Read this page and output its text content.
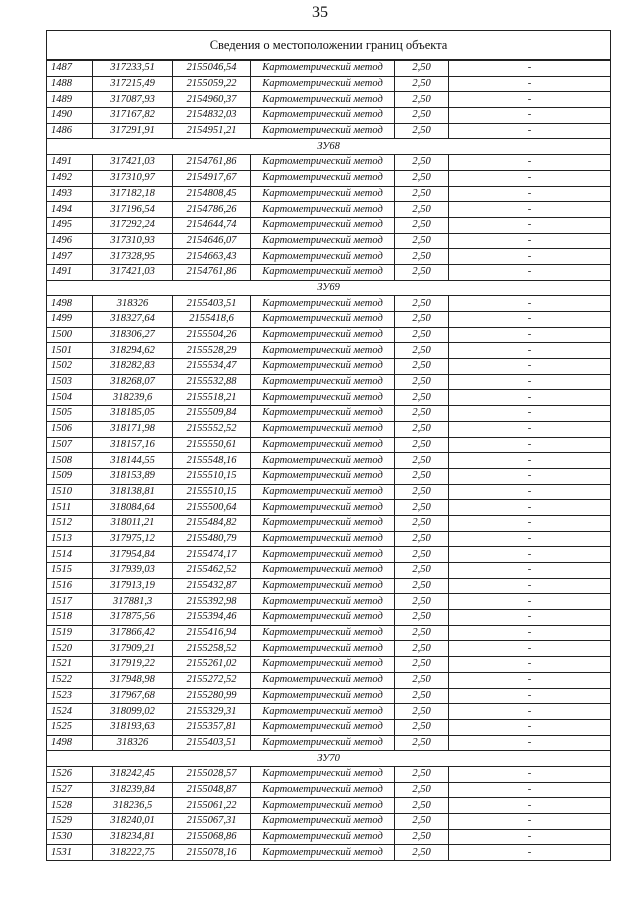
35
Сведения о местоположении границ объекта					
1487	317233,51	2155046,54	Картометрический метод	2,50	-
1488	317215,49	2155059,22	Картометрический метод	2,50	-
1489	317087,93	2154960,37	Картометрический метод	2,50	-
1490	317167,82	2154832,03	Картометрический метод	2,50	-
1486	317291,91	2154951,21	Картометрический метод	2,50	-
ЗУ68					
1491	317421,03	2154761,86	Картометрический метод	2,50	-
1492	317310,97	2154917,67	Картометрический метод	2,50	-
1493	317182,18	2154808,45	Картометрический метод	2,50	-
1494	317196,54	2154786,26	Картометрический метод	2,50	-
1495	317292,24	2154644,74	Картометрический метод	2,50	-
1496	317310,93	2154646,07	Картометрический метод	2,50	-
1497	317328,95	2154663,43	Картометрический метод	2,50	-
1491	317421,03	2154761,86	Картометрический метод	2,50	-
ЗУ69					
1498	318326	2155403,51	Картометрический метод	2,50	-
1499	318327,64	2155418,6	Картометрический метод	2,50	-
1500	318306,27	2155504,26	Картометрический метод	2,50	-
1501	318294,62	2155528,29	Картометрический метод	2,50	-
1502	318282,83	2155534,47	Картометрический метод	2,50	-
1503	318268,07	2155532,88	Картометрический метод	2,50	-
1504	318239,6	2155518,21	Картометрический метод	2,50	-
1505	318185,05	2155509,84	Картометрический метод	2,50	-
1506	318171,98	2155552,52	Картометрический метод	2,50	-
1507	318157,16	2155550,61	Картометрический метод	2,50	-
1508	318144,55	2155548,16	Картометрический метод	2,50	-
1509	318153,89	2155510,15	Картометрический метод	2,50	-
1510	318138,81	2155510,15	Картометрический метод	2,50	-
1511	318084,64	2155500,64	Картометрический метод	2,50	-
1512	318011,21	2155484,82	Картометрический метод	2,50	-
1513	317975,12	2155480,79	Картометрический метод	2,50	-
1514	317954,84	2155474,17	Картометрический метод	2,50	-
1515	317939,03	2155462,52	Картометрический метод	2,50	-
1516	317913,19	2155432,87	Картометрический метод	2,50	-
1517	317881,3	2155392,98	Картометрический метод	2,50	-
1518	317875,56	2155394,46	Картометрический метод	2,50	-
1519	317866,42	2155416,94	Картометрический метод	2,50	-
1520	317909,21	2155258,52	Картометрический метод	2,50	-
1521	317919,22	2155261,02	Картометрический метод	2,50	-
1522	317948,98	2155272,52	Картометрический метод	2,50	-
1523	317967,68	2155280,99	Картометрический метод	2,50	-
1524	318099,02	2155329,31	Картометрический метод	2,50	-
1525	318193,63	2155357,81	Картометрический метод	2,50	-
1498	318326	2155403,51	Картометрический метод	2,50	-
ЗУ70					
1526	318242,45	2155028,57	Картометрический метод	2,50	-
1527	318239,84	2155048,87	Картометрический метод	2,50	-
1528	318236,5	2155061,22	Картометрический метод	2,50	-
1529	318240,01	2155067,31	Картометрический метод	2,50	-
1530	318234,81	2155068,86	Картометрический метод	2,50	-
1531	318222,75	2155078,16	Картометрический метод	2,50	-
